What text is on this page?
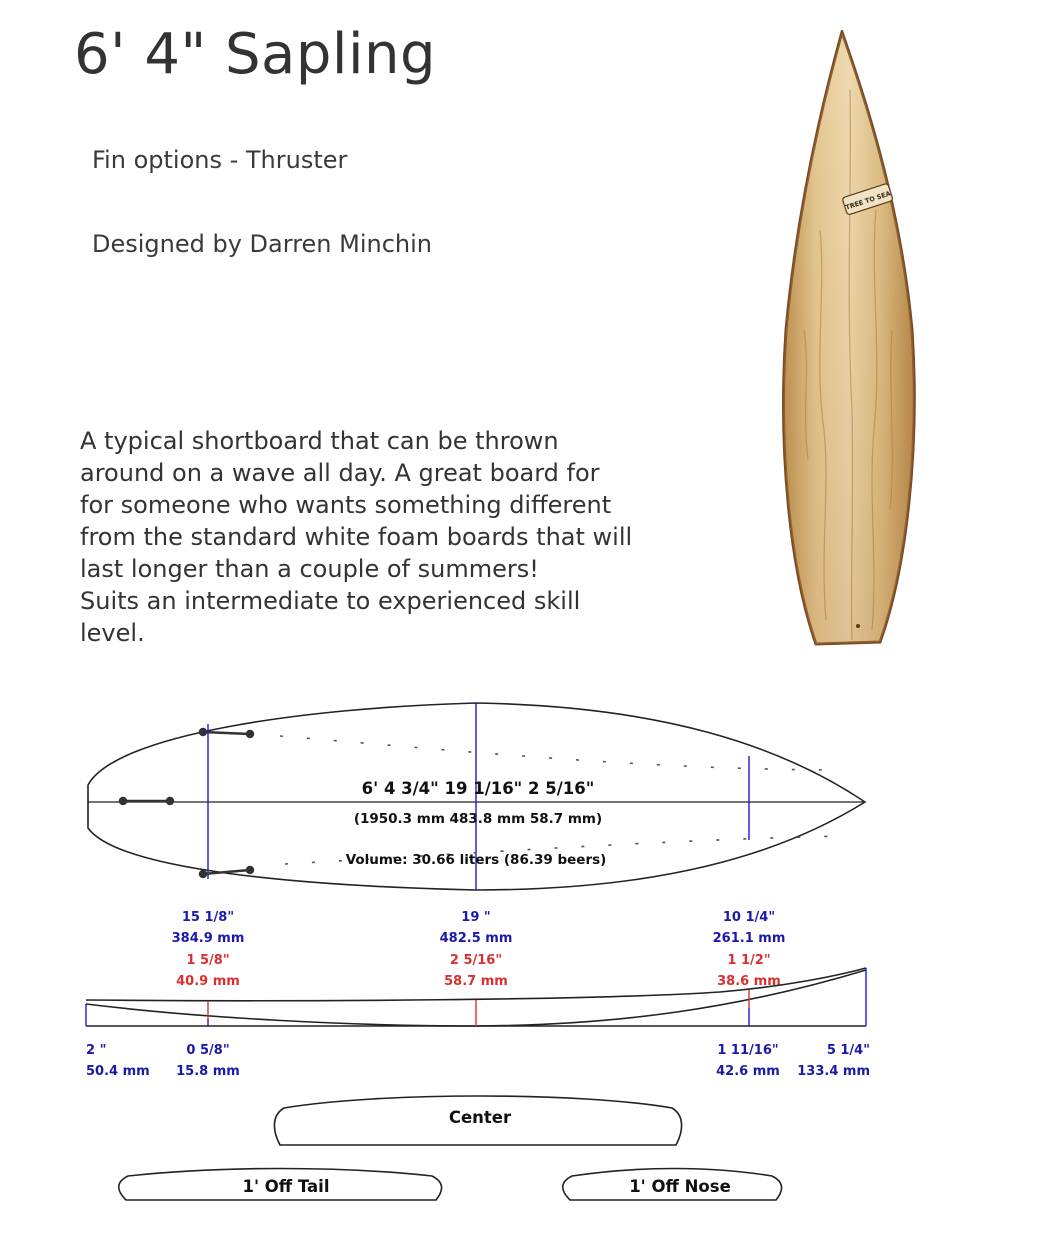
6' 4" Sapling
Fin options - Thruster
Designed by Darren Minchin

A typical shortboard that can be thrown
around on a wave all day. A great board for
for someone who wants something different
from the standard white foam boards that will
last longer than a couple of summers!
Suits an intermediate to experienced skill
level.

TREE TO SEA
6' 4 3/4" 19 1/16" 2 5/16"
(1950.3 mm 483.8 mm 58.7 mm)
Volume: 30.66 liters (86.39 beers)
15 1/8"
384.9 mm
1 5/8"
40.9 mm
19 "
482.5 mm
2 5/16"
58.7 mm
10 1/4"
261.1 mm
1 1/2"
38.6 mm
2 "
50.4 mm
0 5/8"
15.8 mm
1 11/16"
42.6 mm
5 1/4"
133.4 mm
Center
1' Off Tail	1' Off Nose
